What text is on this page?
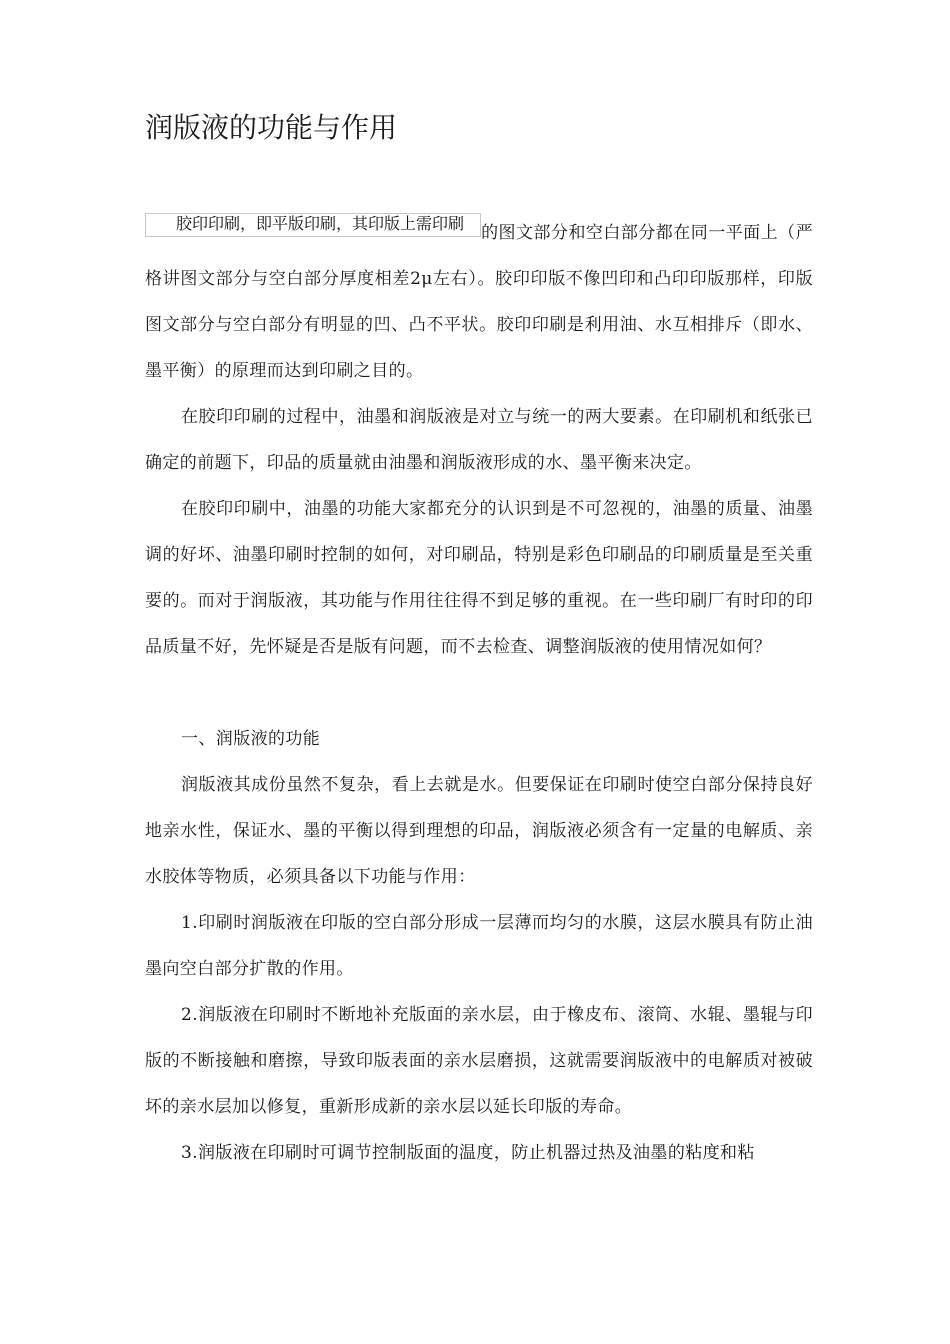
润版液的功能与作用

胶印印刷，即平版印刷，其印版上需印刷 的图文部分和空白部分都在同一平面上（严格讲图文部分与空白部分厚度相差2μ左右）。胶印印版不像凹印和凸印印版那样，印版图文部分与空白部分有明显的凹、凸不平状。胶印印刷是利用油、水互相排斥（即水、墨平衡）的原理而达到印刷之目的。

在胶印印刷的过程中，油墨和润版液是对立与统一的两大要素。在印刷机和纸张已确定的前题下，印品的质量就由油墨和润版液形成的水、墨平衡来决定。

在胶印印刷中，油墨的功能大家都充分的认识到是不可忽视的，油墨的质量、油墨调的好坏、油墨印刷时控制的如何，对印刷品，特别是彩色印刷品的印刷质量是至关重要的。而对于润版液，其功能与作用往往得不到足够的重视。在一些印刷厂有时印的印品质量不好，先怀疑是否是版有问题，而不去检查、调整润版液的使用情况如何？

一、润版液的功能

润版液其成份虽然不复杂，看上去就是水。但要保证在印刷时使空白部分保持良好地亲水性，保证水、墨的平衡以得到理想的印品，润版液必须含有一定量的电解质、亲水胶体等物质，必须具备以下功能与作用：

1.印刷时润版液在印版的空白部分形成一层薄而均匀的水膜，这层水膜具有防止油墨向空白部分扩散的作用。

2.润版液在印刷时不断地补充版面的亲水层，由于橡皮布、滚筒、水辊、墨辊与印版的不断接触和磨擦，导致印版表面的亲水层磨损，这就需要润版液中的电解质对被破坏的亲水层加以修复，重新形成新的亲水层以延长印版的寿命。

3.润版液在印刷时可调节控制版面的温度，防止机器过热及油墨的粘度和粘
